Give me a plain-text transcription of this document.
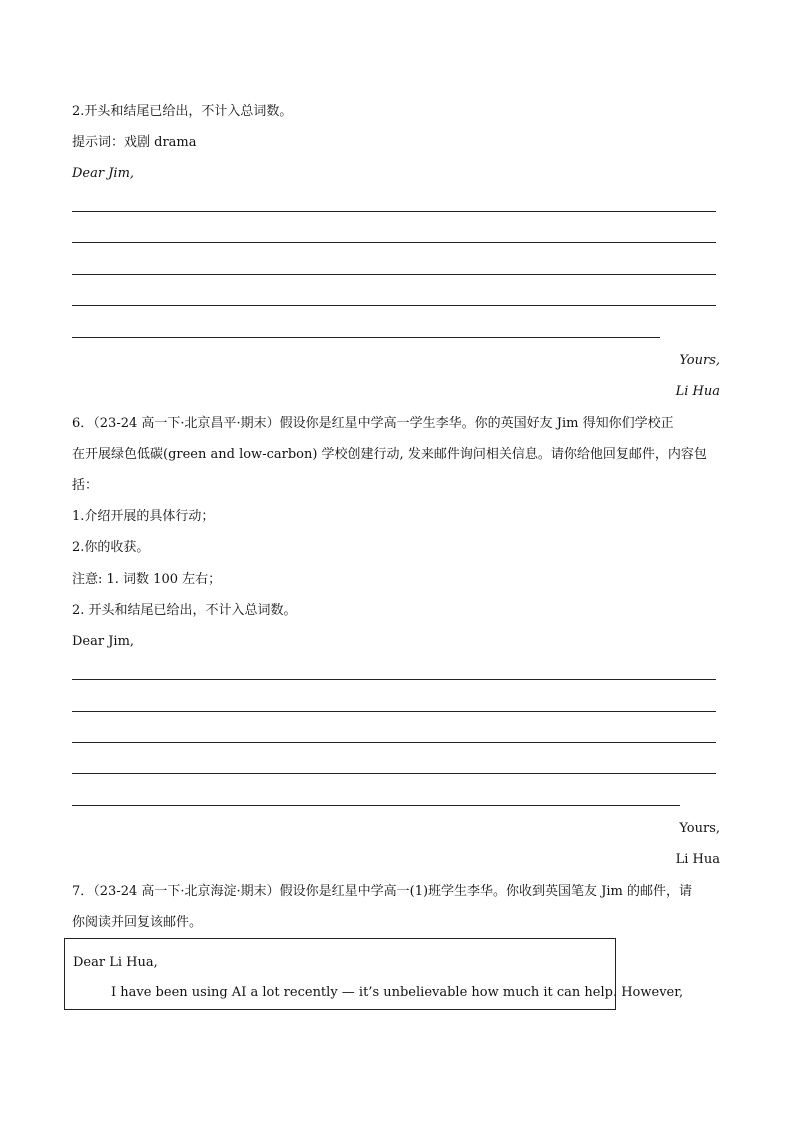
2.开头和结尾已给出，不计入总词数。
提示词：戏剧 drama
Dear Jim,
Yours,
Li Hua
6．（23-24 高一下·北京昌平·期末）假设你是红星中学高一学生李华。你的英国好友 Jim 得知你们学校正
在开展绿色低碳(green and low-carbon) 学校创建行动, 发来邮件询问相关信息。请你给他回复邮件，内容包
括：
1.介绍开展的具体行动；
2.你的收获。
注意: 1. 词数 100 左右；
2. 开头和结尾已给出，不计入总词数。
Dear Jim,
Yours,
Li Hua
7．（23-24 高一下·北京海淀·期末）假设你是红星中学高一(1)班学生李华。你收到英国笔友 Jim 的邮件，请
你阅读并回复该邮件。
Dear Li Hua,
I have been using AI a lot recently — it’s unbelievable how much it can help. However,
